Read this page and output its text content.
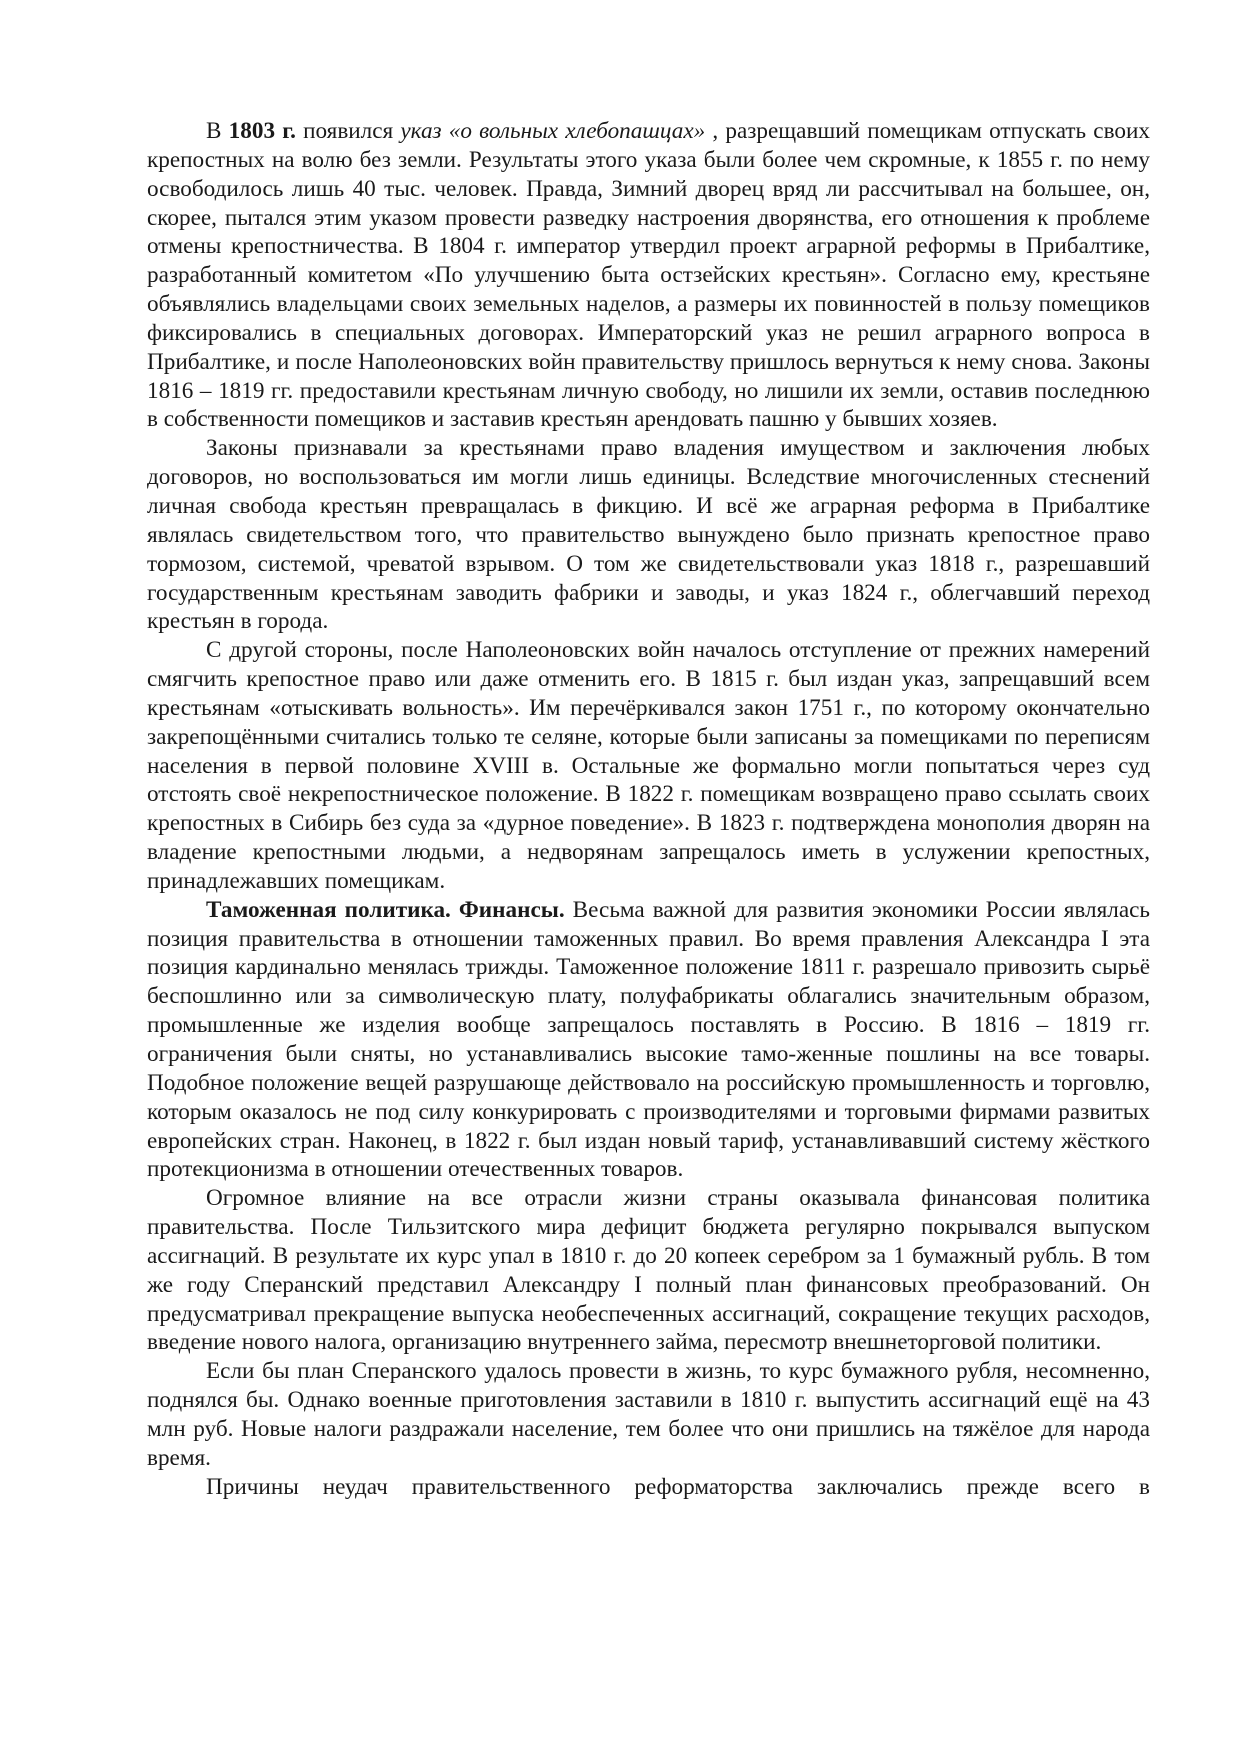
В 1803 г. появился указ «о вольных хлебопашцах» , разрещавший помещикам отпускать своих крепостных на волю без земли. Результаты этого указа были более чем скромные, к 1855 г. по нему освободилось лишь 40 тыс. человек. Правда, Зимний дворец вряд ли рассчитывал на большее, он, скорее, пытался этим указом провести разведку настроения дворянства, его отношения к проблеме отмены крепостничества. В 1804 г. император утвердил проект аграрной реформы в Прибалтике, разработанный комитетом «По улучшению быта остзейских крестьян». Согласно ему, крестьяне объявлялись владельцами своих земельных наделов, а размеры их повинностей в пользу помещиков фиксировались в специальных договорах. Императорский указ не решил аграрного вопроса в Прибалтике, и после Наполеоновских войн правительству пришлось вернуться к нему снова. Законы 1816 – 1819 гг. предоставили крестьянам личную свободу, но лишили их земли, оставив последнюю в собственности помещиков и заставив крестьян арендовать пашню у бывших хозяев.

Законы признавали за крестьянами право владения имуществом и заключения любых договоров, но воспользоваться им могли лишь единицы. Вследствие многочисленных стеснений личная свобода крестьян превращалась в фикцию. И всё же аграрная реформа в Прибалтике являлась свидетельством того, что правительство вынуждено было признать крепостное право тормозом, системой, чреватой взрывом. О том же свидетельствовали указ 1818 г., разрешавший государственным крестьянам заводить фабрики и заводы, и указ 1824 г., облегчавший переход крестьян в города.

С другой стороны, после Наполеоновских войн началось отступление от прежних намерений смягчить крепостное право или даже отменить его. В 1815 г. был издан указ, запрещавший всем крестьянам «отыскивать вольность». Им перечёркивался закон 1751 г., по которому окончательно закрепощёнными считались только те селяне, которые были записаны за помещиками по переписям населения в первой половине XVIII в. Остальные же формально могли попытаться через суд отстоять своё некрепостническое положение. В 1822 г. помещикам возвращено право ссылать своих крепостных в Сибирь без суда за «дурное поведение». В 1823 г. подтверждена монополия дворян на владение крепостными людьми, а недворянам запрещалось иметь в услужении крепостных, принадлежавших помещикам.

Таможенная политика. Финансы. Весьма важной для развития экономики России являлась позиция правительства в отношении таможенных правил. Во время правления Александра I эта позиция кардинально менялась трижды. Таможенное положение 1811 г. разрешало привозить сырьё беспошлинно или за символическую плату, полуфабрикаты облагались значительным образом, промышленные же изделия вообще запрещалось поставлять в Россию. В 1816 – 1819 гг. ограничения были сняты, но устанавливались высокие тамо-женные пошлины на все товары. Подобное положение вещей разрушающе действовало на российскую промышленность и торговлю, которым оказалось не под силу конкурировать с производителями и торговыми фирмами развитых европейских стран. Наконец, в 1822 г. был издан новый тариф, устанавливавший систему жёсткого протекционизма в отношении отечественных товаров.

Огромное влияние на все отрасли жизни страны оказывала финансовая политика правительства. После Тильзитского мира дефицит бюджета регулярно покрывался выпуском ассигнаций. В результате их курс упал в 1810 г. до 20 копеек серебром за 1 бумажный рубль. В том же году Сперанский представил Александру I полный план финансовых преобразований. Он предусматривал прекращение выпуска необеспеченных ассигнаций, сокращение текущих расходов, введение нового налога, организацию внутреннего займа, пересмотр внешнеторговой политики.

Если бы план Сперанского удалось провести в жизнь, то курс бумажного рубля, несомненно, поднялся бы. Однако военные приготовления заставили в 1810 г. выпустить ассигнаций ещё на 43 млн руб. Новые налоги раздражали население, тем более что они пришлись на тяжёлое для народа время.

Причины неудач правительственного реформаторства заключались прежде всего в
